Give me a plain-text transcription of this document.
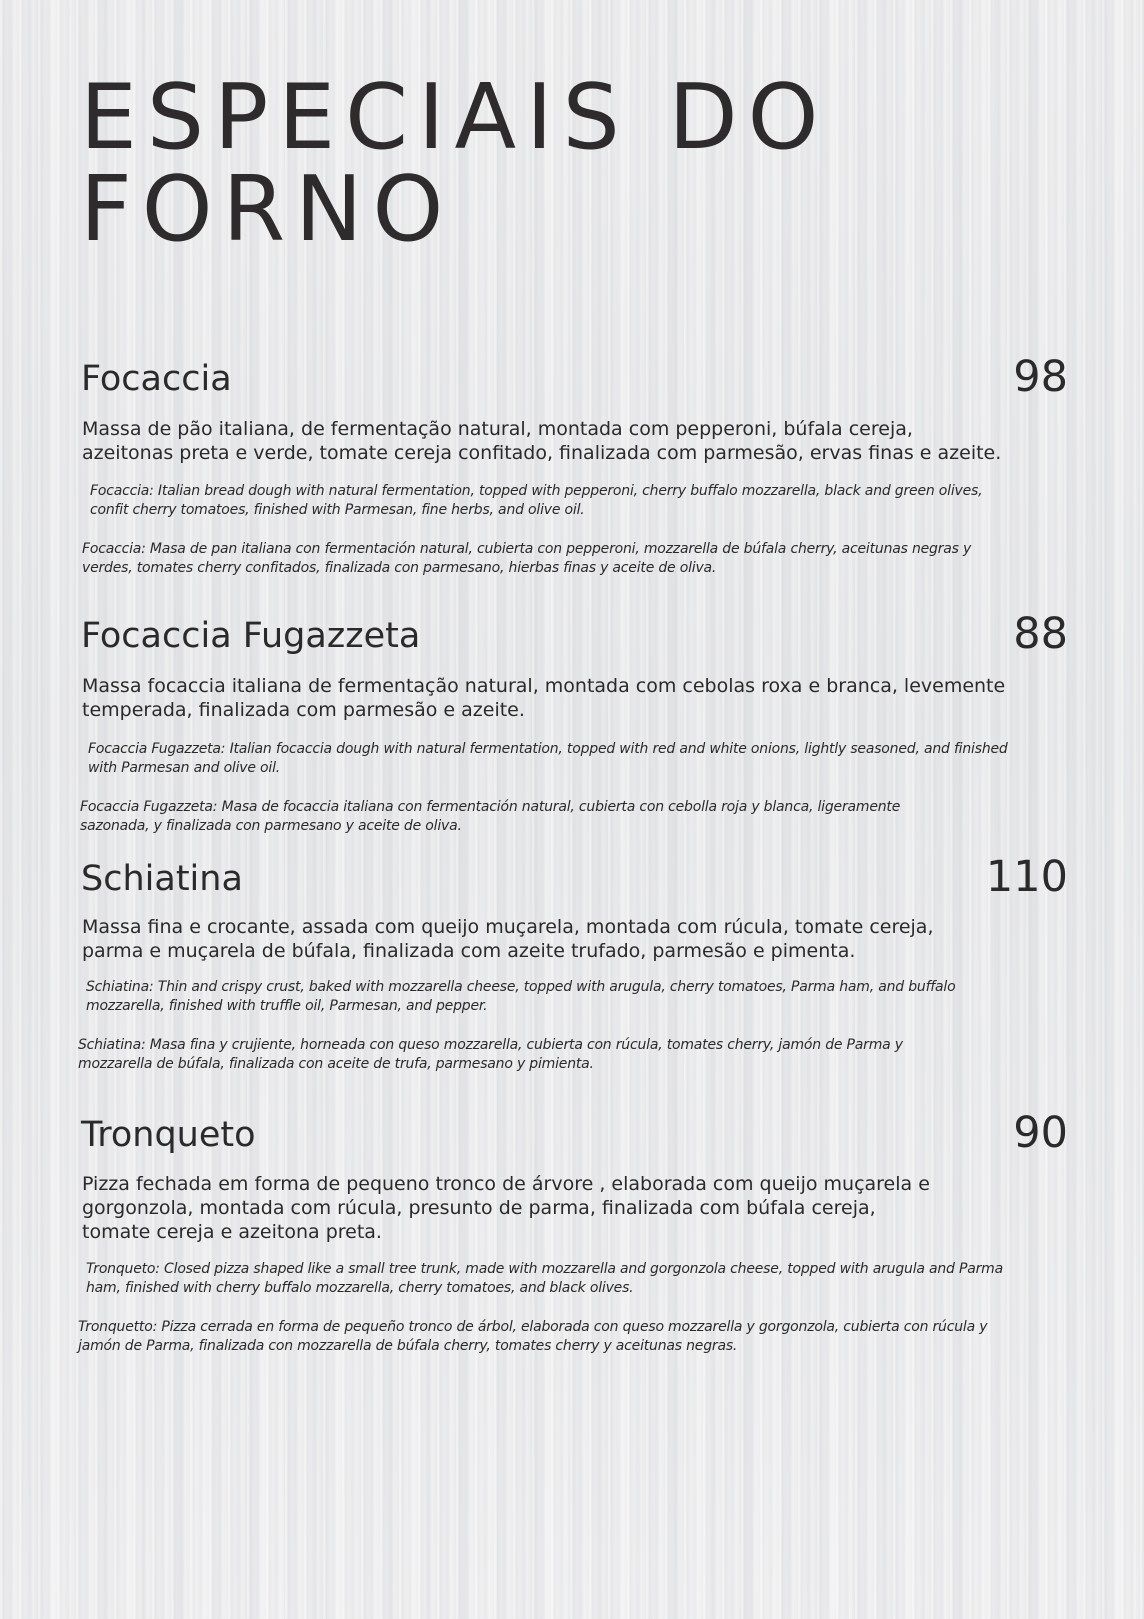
ESPECIAIS DO
FORNO
Focaccia	98
Massa de pão italiana, de fermentação natural, montada com pepperoni, búfala cereja,
azeitonas preta e verde, tomate cereja confitado, finalizada com parmesão, ervas finas e azeite.
Focaccia: Italian bread dough with natural fermentation, topped with pepperoni, cherry buffalo mozzarella, black and green olives, confit cherry tomatoes, finished with Parmesan, fine herbs, and olive oil.
Focaccia: Masa de pan italiana con fermentación natural, cubierta con pepperoni, mozzarella de búfala cherry, aceitunas negras y verdes, tomates cherry confitados, finalizada con parmesano, hierbas finas y aceite de oliva.
Focaccia Fugazzeta	88
Massa focaccia italiana de fermentação natural, montada com cebolas roxa e branca, levemente
temperada, finalizada com parmesão e azeite.
Focaccia Fugazzeta: Italian focaccia dough with natural fermentation, topped with red and white onions, lightly seasoned, and finished with Parmesan and olive oil.
Focaccia Fugazzeta: Masa de focaccia italiana con fermentación natural, cubierta con cebolla roja y blanca, ligeramente sazonada, y finalizada con parmesano y aceite de oliva.
Schiatina	110
Massa fina e crocante, assada com queijo muçarela, montada com rúcula, tomate cereja,
parma e muçarela de búfala, finalizada com azeite trufado, parmesão e pimenta.
Schiatina: Thin and crispy crust, baked with mozzarella cheese, topped with arugula, cherry tomatoes, Parma ham, and buffalo mozzarella, finished with truffle oil, Parmesan, and pepper.
Schiatina: Masa fina y crujiente, horneada con queso mozzarella, cubierta con rúcula, tomates cherry, jamón de Parma y mozzarella de búfala, finalizada con aceite de trufa, parmesano y pimienta.
Tronqueto	90
Pizza fechada em forma de pequeno tronco de árvore , elaborada com queijo muçarela e
gorgonzola, montada com rúcula, presunto de parma, finalizada com búfala cereja,
tomate cereja e azeitona preta.
Tronqueto: Closed pizza shaped like a small tree trunk, made with mozzarella and gorgonzola cheese, topped with arugula and Parma ham, finished with cherry buffalo mozzarella, cherry tomatoes, and black olives.
Tronquetto: Pizza cerrada en forma de pequeño tronco de árbol, elaborada con queso mozzarella y gorgonzola, cubierta con rúcula y jamón de Parma, finalizada con mozzarella de búfala cherry, tomates cherry y aceitunas negras.
